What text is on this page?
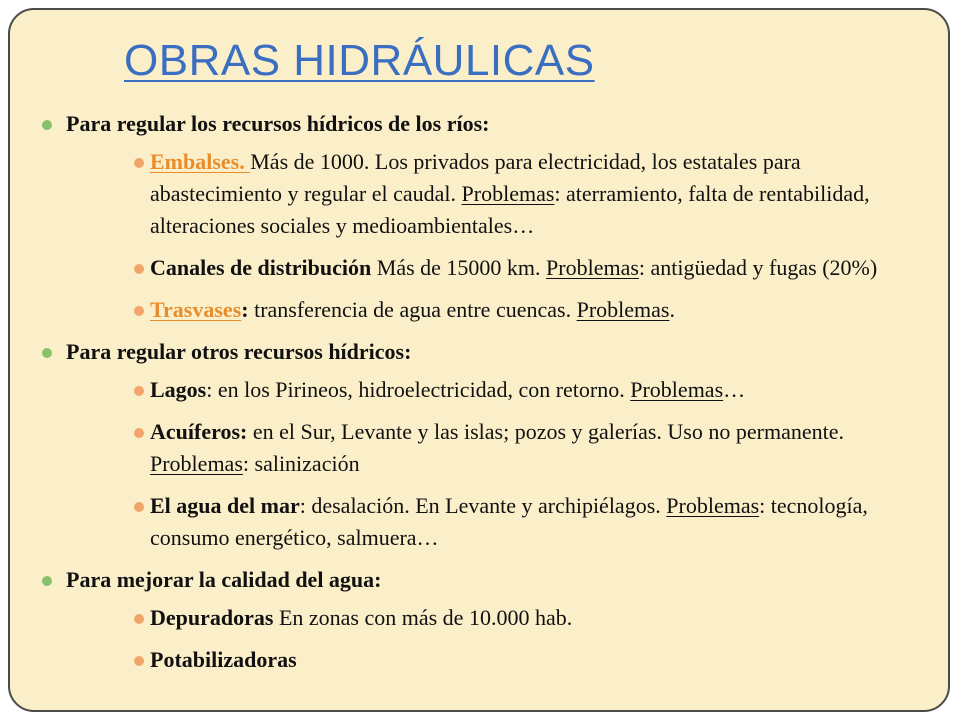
OBRAS HIDRÁULICAS
Para regular los recursos hídricos de los ríos:
Embalses. Más de 1000. Los privados para electricidad, los estatales para abastecimiento y regular el caudal. Problemas: aterramiento, falta de rentabilidad, alteraciones sociales y medioambientales…
Canales de distribución Más de 15000 km. Problemas: antigüedad y fugas (20%)
Trasvases: transferencia de agua entre cuencas. Problemas.
Para regular otros recursos hídricos:
Lagos: en los Pirineos, hidroelectricidad, con retorno. Problemas…
Acuíferos: en el Sur, Levante y las islas; pozos y galerías. Uso no permanente. Problemas: salinización
El agua del mar: desalación. En Levante y archipiélagos. Problemas: tecnología, consumo energético, salmuera…
Para mejorar la calidad del agua:
Depuradoras En zonas con más de 10.000 hab.
Potabilizadoras
